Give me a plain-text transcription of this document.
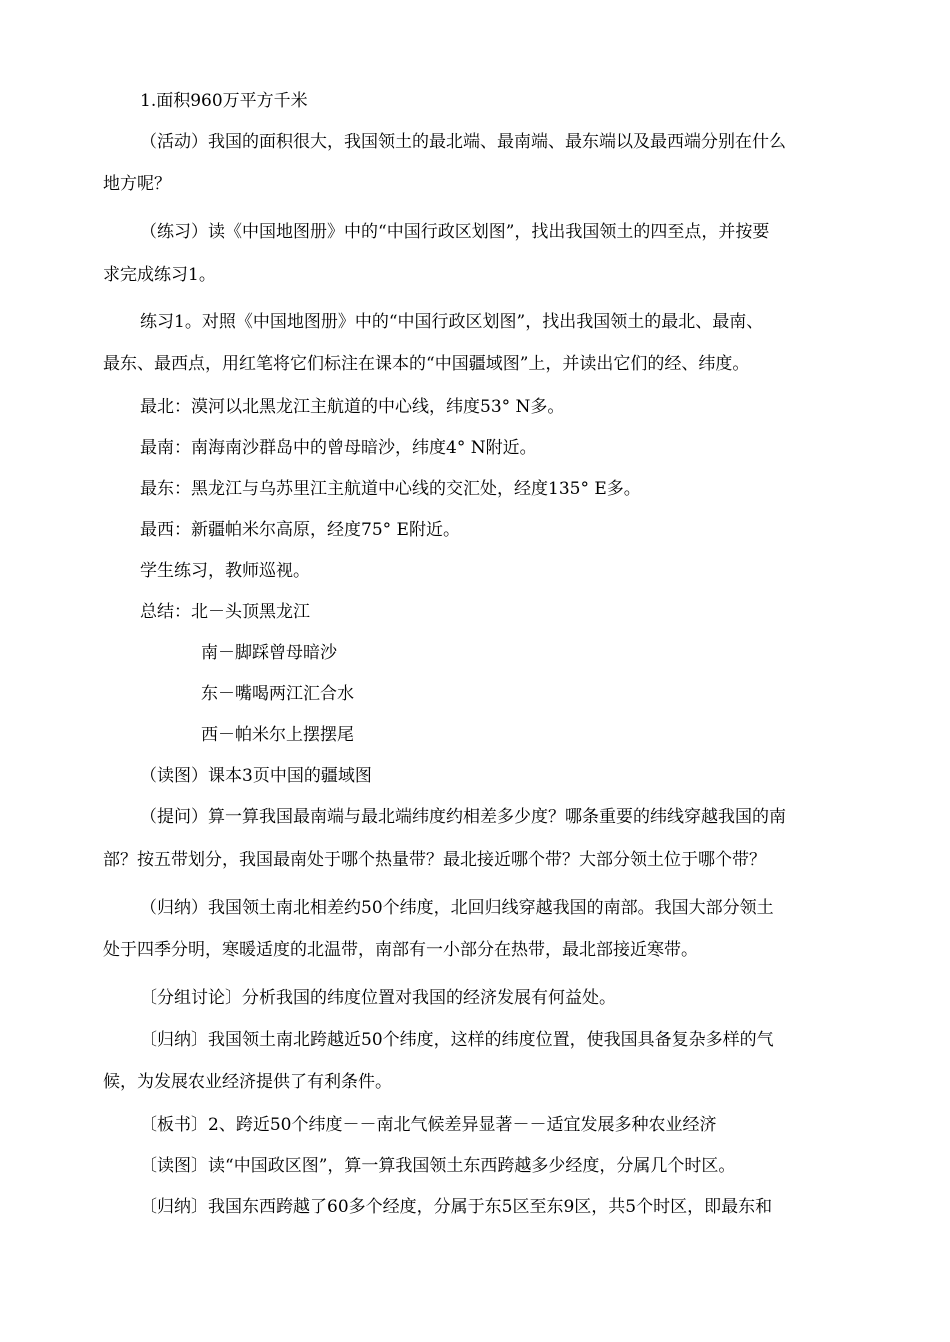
1.面积960万平方千米
（活动）我国的面积很大，我国领土的最北端、最南端、最东端以及最西端分别在什么
地方呢？
（练习）读《中国地图册》中的“中国行政区划图”，找出我国领土的四至点，并按要
求完成练习1。
练习1。对照《中国地图册》中的“中国行政区划图”，找出我国领土的最北、最南、
最东、最西点，用红笔将它们标注在课本的“中国疆域图”上，并读出它们的经、纬度。
最北：漠河以北黑龙江主航道的中心线，纬度53° N多。
最南：南海南沙群岛中的曾母暗沙，纬度4° N附近。
最东：黑龙江与乌苏里江主航道中心线的交汇处，经度135° E多。
最西：新疆帕米尔高原，经度75° E附近。
学生练习，教师巡视。
总结：北－头顶黑龙江
南－脚踩曾母暗沙
东－嘴喝两江汇合水
西－帕米尔上摆摆尾
（读图）课本3页中国的疆域图
（提问）算一算我国最南端与最北端纬度约相差多少度？哪条重要的纬线穿越我国的南
部？按五带划分，我国最南处于哪个热量带？最北接近哪个带？大部分领土位于哪个带？
（归纳）我国领土南北相差约50个纬度，北回归线穿越我国的南部。我国大部分领土
处于四季分明，寒暖适度的北温带，南部有一小部分在热带，最北部接近寒带。
〔分组讨论〕分析我国的纬度位置对我国的经济发展有何益处。
〔归纳〕我国领土南北跨越近50个纬度，这样的纬度位置，使我国具备复杂多样的气
候，为发展农业经济提供了有利条件。
〔板书〕2、跨近50个纬度－－南北气候差异显著－－适宜发展多种农业经济
〔读图〕读“中国政区图”，算一算我国领土东西跨越多少经度，分属几个时区。
〔归纳〕我国东西跨越了60多个经度，分属于东5区至东9区，共5个时区，即最东和
